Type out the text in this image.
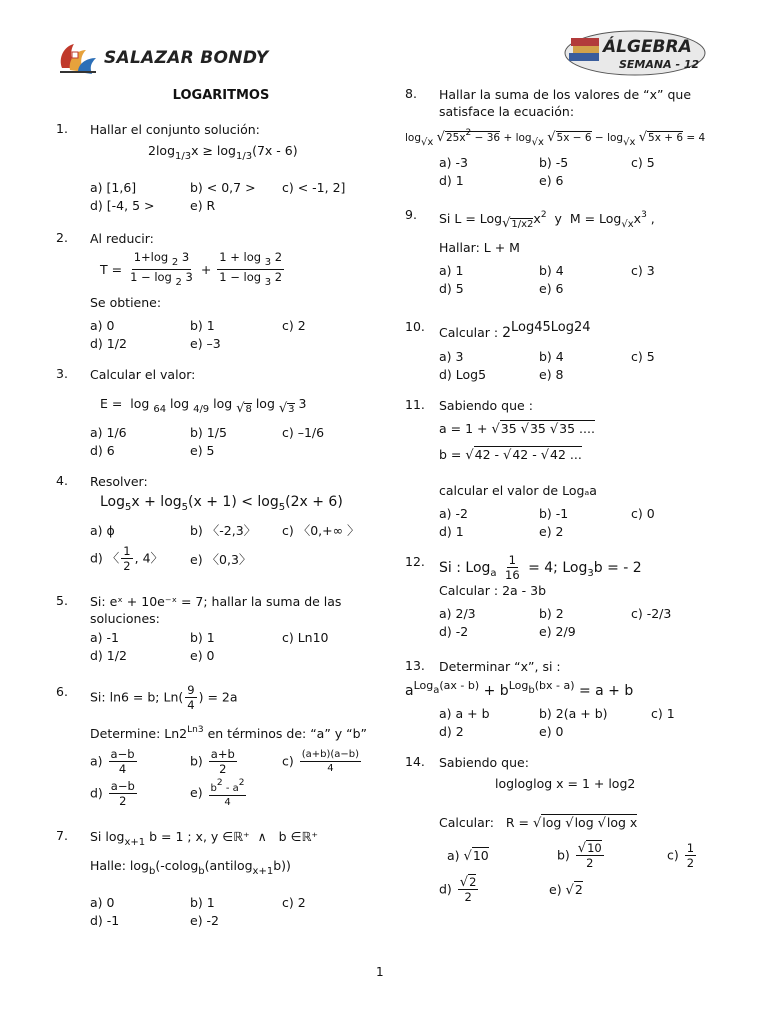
SALAZAR BONDY
ÁLGEBRA
SEMANA - 12
LOGARITMOS
1.	Hallar el conjunto solución:
$2\log_{1/3}x \ge \log_{1/3}(7x - 6)$
a) [1,6]	b) < 0,7 >	c) < -1, 2]
d) [-4, 5 >	e) R
2.	Al reducir:
$T = \frac{1+\log _2 3}{1 - \log _2 3} + \frac{1 + \log _3 2}{1 - \log _3 2}$
Se obtiene:
a) 0	b) 1	c) 2
d) 1/2	e) –3
3.	Calcular el valor:
E =  log $_{64}$ log $_{4/9}$ log $_{√8}$ log $_{√3}$ 3
a) 1/6	b) 1/5	c) –1/6
d) 6	e) 5
4.	Resolver:
$Log_5x + \log_5(x + 1) < \log_5(2x + 6)$
a) ϕ	b) 〈-2,3〉	c) 〈0,+∞ 〉
d) 〈 $\frac{1}{2}$ , 4〉	e) 〈0,3〉
5.	Si: eˣ + 10e⁻ˣ = 7; hallar la suma de las soluciones:
a) -1	b) 1	c) Ln10
d) 1/2	e) 0
6.	Si: ln6 = b; $Ln( \frac{9}{4}$ ) = 2a
Determine: $Ln2^{Ln3}$ en términos de: “a” y “b”
$a) \frac{a-b}{4}$	$b) \frac{a+b}{2}$	$c) \frac{(a+b)(a-b)}{4}$
$d) \frac{a-b}{2}$	$e) \frac{b^2 - a^2}{4}$
7.	Si $\log_{x+1} b = 1$ ; x, y ∈ℝ⁺  ∧   b ∈ℝ⁺
Halle: $\log_b(-colog_b(antilog_{x+1}b))$
a) 0	b) 1	c) 2
d) -1	e) -2
8.	Hallar la suma de los valores de “x” que satisface la ecuación:
$\log_{√x} √25x^2 - 36 + \log_{√x} √5x - 6 - \log_{√x} √5x + 6 = 4$
a) -3	b) -5	c) 5
d) 1	e) 6
9.	Si $L = Log_{√1/x2}x^2$  y  $M = Log_{√x}x^3$ ,
Hallar: L + M
a) 1	b) 4	c) 3
d) 5	e) 6
10.	Calcular : $2^{Log45Log24}$
a) 3	b) 4	c) 5
d) Log5	e) 8
11.	Sabiendo que :
a = 1 + √35 √35 √35 ....
b = √42 - √42 - √42 ...
calcular el valor de Logₐa
a) -2	b) -1	c) 0
d) 1	e) 2
12.	Si : $Log_a \frac{1}{16} = 4$; Log$_3$b = - 2
Calcular : 2a - 3b
a) 2/3	b) 2	c) -2/3
d) -2	e) 2/9
13.	Determinar “x”, si :
$a^{Log_a(ax - b)} + b^{Log_b(bx - a)} = a + b$
a) a + b	b) 2(a + b)	c) 1
d) 2	e) 0
14.	Sabiendo que:
logloglog x = 1 + log2
Calcular:   R = √log √log √log x
a) √10	$b) \frac{√10}{2}$	$c) \frac{1}{2}$
$d) \frac{√2}{2}$	e) √2
1
